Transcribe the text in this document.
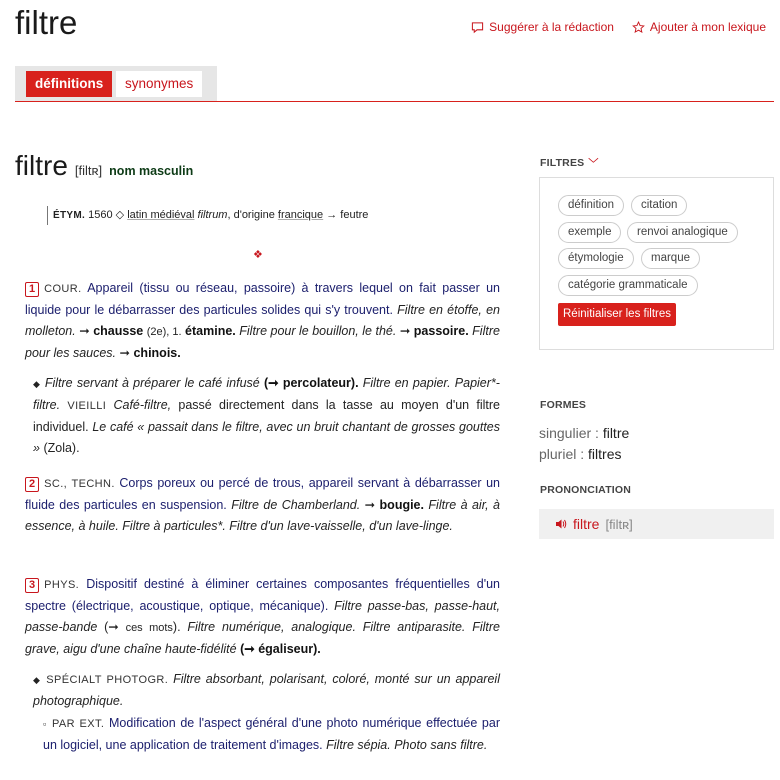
filtre	Suggérer à la rédaction	Ajouter à mon lexique
définitions	synonymes
filtre [filtʀ] nom masculin
ÉTYM. 1560 ◇ latin médiéval filtrum, d'origine francique → feutre
❖
1 COUR. Appareil (tissu ou réseau, passoire) à travers lequel on fait passer un liquide pour le débarrasser des particules solides qui s'y trouvent. Filtre en étoffe, en molleton. ➞ chausse (2e), 1. étamine. Filtre pour le bouillon, le thé. ➞ passoire. Filtre pour les sauces. ➞ chinois.
◆ Filtre servant à préparer le café infusé (➞ percolateur). Filtre en papier. Papier*-filtre. VIEILLI Café-filtre, passé directement dans la tasse au moyen d'un filtre individuel. Le café « passait dans le filtre, avec un bruit chantant de grosses gouttes » (Zola).
2 SC., TECHN. Corps poreux ou percé de trous, appareil servant à débarrasser un fluide des particules en suspension. Filtre de Chamberland. ➞ bougie. Filtre à air, à essence, à huile. Filtre à particules*. Filtre d'un lave-vaisselle, d'un lave-linge.
3 PHYS. Dispositif destiné à éliminer certaines composantes fréquentielles d'un spectre (électrique, acoustique, optique, mécanique). Filtre passe-bas, passe-haut, passe-bande (➞ ces mots). Filtre numérique, analogique. Filtre antiparasite. Filtre grave, aigu d'une chaîne haute-fidélité (➞ égaliseur).
◆ SPÉCIALT PHOTOGR. Filtre absorbant, polarisant, coloré, monté sur un appareil photographique.
▫ PAR EXT. Modification de l'aspect général d'une photo numérique effectuée par un logiciel, une application de traitement d'images. Filtre sépia. Photo sans filtre.
FILTRES ﹀
définition	citation
exemple	renvoi analogique
étymologie	marque
catégorie grammaticale
Réinitialiser les filtres
FORMES
singulier : filtre
pluriel : filtres
PRONONCIATION
filtre [filtʀ]
